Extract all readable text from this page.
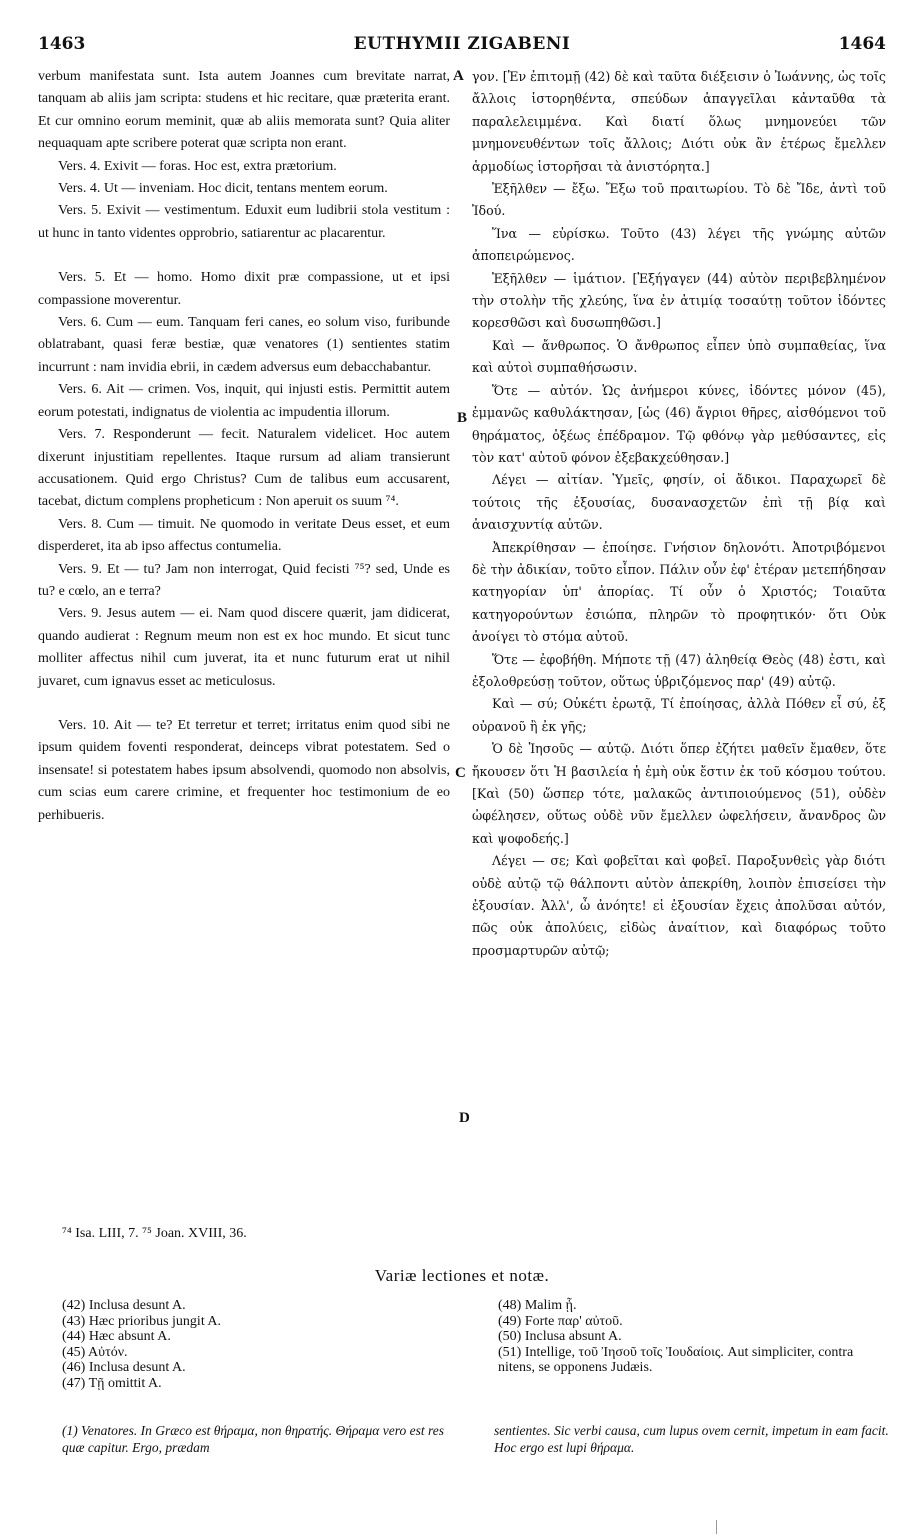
1463	EUTHYMII ZIGABENI	1464

verbum manifestata sunt. Ista autem Joannes cum brevitate narrat, tanquam ab aliis jam scripta: studens et hic recitare, quæ præterita erant. Et cur omnino eorum meminit, quæ ab aliis memorata sunt? Quia aliter nequaquam apte scribere poterat quæ scripta non erant.

Vers. 4. Exivit — foras. Hoc est, extra prætorium.

Vers. 4. Ut — inveniam. Hoc dicit, tentans mentem eorum.

Vers. 5. Exivit — vestimentum. Eduxit eum ludibrii stola vestitum : ut hunc in tanto videntes opprobrio, satiarentur ac placarentur.

Vers. 5. Et — homo. Homo dixit præ compassione, ut et ipsi compassione moverentur.

Vers. 6. Cum — eum. Tanquam feri canes, eo solum viso, furibunde oblatrabant, quasi feræ bestiæ, quæ venatores (1) sentientes statim incurrunt : nam invidia ebrii, in cædem adversus eum debacchabantur.

Vers. 6. Ait — crimen. Vos, inquit, qui injusti estis. Permittit autem eorum potestati, indignatus de violentia ac impudentia illorum.

Vers. 7. Responderunt — fecit. Naturalem videlicet. Hoc autem dixerunt injustitiam repellentes. Itaque rursum ad aliam transierunt accusationem. Quid ergo Christus? Cum de talibus eum accusarent, tacebat, dictum complens propheticum : Non aperuit os suum ⁷⁴.

Vers. 8. Cum — timuit. Ne quomodo in veritate Deus esset, et eum disperderet, ita ab ipso affectus contumelia.

Vers. 9. Et — tu? Jam non interrogat, Quid fecisti ⁷⁵? sed, Unde es tu? e cœlo, an e terra?

Vers. 9. Jesus autem — ei. Nam quod discere quærit, jam didicerat, quando audierat : Regnum meum non est ex hoc mundo. Et sicut tunc molliter affectus nihil cum juverat, ita et nunc futurum erat ut nihil juvaret, cum ignavus esset ac meticulosus.

Vers. 10. Ait — te? Et terretur et terret; irritatus enim quod sibi ne ipsum quidem foventi responderat, deinceps vibrat potestatem. Sed o insensate! si potestatem habes ipsum absolvendi, quomodo non absolvis, cum scias eum carere crimine, et frequenter hoc testimonium de eo perhibueris.

A
B
C
D

γον. [Ἐν ἐπιτομῇ (42) δὲ καὶ ταῦτα διέξεισιν ὁ Ἰωάννης, ὡς τοῖς ἄλλοις ἱστορηθέντα, σπεύδων ἀπαγγεῖλαι κἀνταῦθα τὰ παραλελειμμένα. Καὶ διατί ὅλως μνημονεύει τῶν μνημονευθέντων τοῖς ἄλλοις; Διότι οὐκ ἂν ἑτέρως ἔμελλεν ἁρμοδίως ἱστορῆσαι τὰ ἀνιστόρητα.]

Ἐξῆλθεν — ἔξω. Ἔξω τοῦ πραιτωρίου. Τὸ δὲ Ἴδε, ἀντὶ τοῦ Ἰδού.

Ἵνα — εὑρίσκω. Τοῦτο (43) λέγει τῆς γνώμης αὐτῶν ἀποπειρώμενος.

Ἐξῆλθεν — ἱμάτιον. [Ἐξήγαγεν (44) αὐτὸν περιβεβλημένον τὴν στολὴν τῆς χλεύης, ἵνα ἐν ἀτιμίᾳ τοσαύτῃ τοῦτον ἰδόντες κορεσθῶσι καὶ δυσωπηθῶσι.]

Καὶ — ἄνθρωπος. Ὁ ἄνθρωπος εἶπεν ὑπὸ συμπαθείας, ἵνα καὶ αὐτοὶ συμπαθήσωσιν.

Ὅτε — αὐτόν. Ὡς ἀνήμεροι κύνες, ἰδόντες μόνον (45), ἐμμανῶς καθυλάκτησαν, [ὡς (46) ἄγριοι θῆρες, αἰσθόμενοι τοῦ θηράματος, ὀξέως ἐπέδραμον. Τῷ φθόνῳ γὰρ μεθύσαντες, εἰς τὸν κατ' αὐτοῦ φόνον ἐξεβακχεύθησαν.]

Λέγει — αἰτίαν. Ὑμεῖς, φησίν, οἱ ἄδικοι. Παραχωρεῖ δὲ τούτοις τῆς ἐξουσίας, δυσανασχετῶν ἐπὶ τῇ βίᾳ καὶ ἀναισχυντίᾳ αὐτῶν.

Ἀπεκρίθησαν — ἐποίησε. Γνήσιον δηλονότι. Ἀποτριβόμενοι δὲ τὴν ἀδικίαν, τοῦτο εἶπον. Πάλιν οὖν ἐφ' ἑτέραν μετεπήδησαν κατηγορίαν ὑπ' ἀπορίας. Τί οὖν ὁ Χριστός; Τοιαῦτα κατηγορούντων ἐσιώπα, πληρῶν τὸ προφητικόν· ὅτι Οὐκ ἀνοίγει τὸ στόμα αὐτοῦ.

Ὅτε — ἐφοβήθη. Μήποτε τῇ (47) ἀληθείᾳ Θεὸς (48) ἐστι, καὶ ἐξολοθρεύσῃ τοῦτον, οὕτως ὑβριζόμενος παρ' (49) αὐτῷ.

Καὶ — σύ; Οὐκέτι ἐρωτᾷ, Τί ἐποίησας, ἀλλὰ Πόθεν εἶ σύ, ἐξ οὐρανοῦ ἢ ἐκ γῆς;

Ὁ δὲ Ἰησοῦς — αὐτῷ. Διότι ὅπερ ἐζήτει μαθεῖν ἔμαθεν, ὅτε ἤκουσεν ὅτι Ἡ βασιλεία ἡ ἐμὴ οὐκ ἔστιν ἐκ τοῦ κόσμου τούτου. [Καὶ (50) ὥσπερ τότε, μαλακῶς ἀντιποιούμενος (51), οὐδὲν ὠφέλησεν, οὕτως οὐδὲ νῦν ἔμελλεν ὠφελήσειν, ἄνανδρος ὢν καὶ ψοφοδεής.]

Λέγει — σε; Καὶ φοβεῖται καὶ φοβεῖ. Παροξυνθεὶς γὰρ διότι οὐδὲ αὐτῷ τῷ θάλποντι αὐτὸν ἀπεκρίθη, λοιπὸν ἐπισείσει τὴν ἐξουσίαν. Ἀλλ', ὦ ἀνόητε! εἰ ἐξουσίαν ἔχεις ἀπολῦσαι αὐτόν, πῶς οὐκ ἀπολύεις, εἰδὼς ἀναίτιον, καὶ διαφόρως τοῦτο προσμαρτυρῶν αὐτῷ;

⁷⁴ Isa. LIII, 7. ⁷⁵ Joan. XVIII, 36.
Variæ lectiones et notæ.
(42) Inclusa desunt A.
(43) Hæc prioribus jungit A.
(44) Hæc absunt A.
(45) Αὐτόν.
(46) Inclusa desunt A.
(47) Τῇ omittit A.
(48) Malim ᾖ.
(49) Forte παρ' αὐτοῦ.
(50) Inclusa absunt A.
(51) Intellige, τοῦ Ἰησοῦ τοῖς Ἰουδαίοις. Aut simpliciter, contra nitens, se opponens Judæis.
(1) Venatores. In Græco est θήραμα, non θηρατής. Θήραμα vero est res quæ capitur. Ergo, prædam
sentientes. Sic verbi causa, cum lupus ovem cernit, impetum in eam facit. Hoc ergo est lupi θήραμα.
